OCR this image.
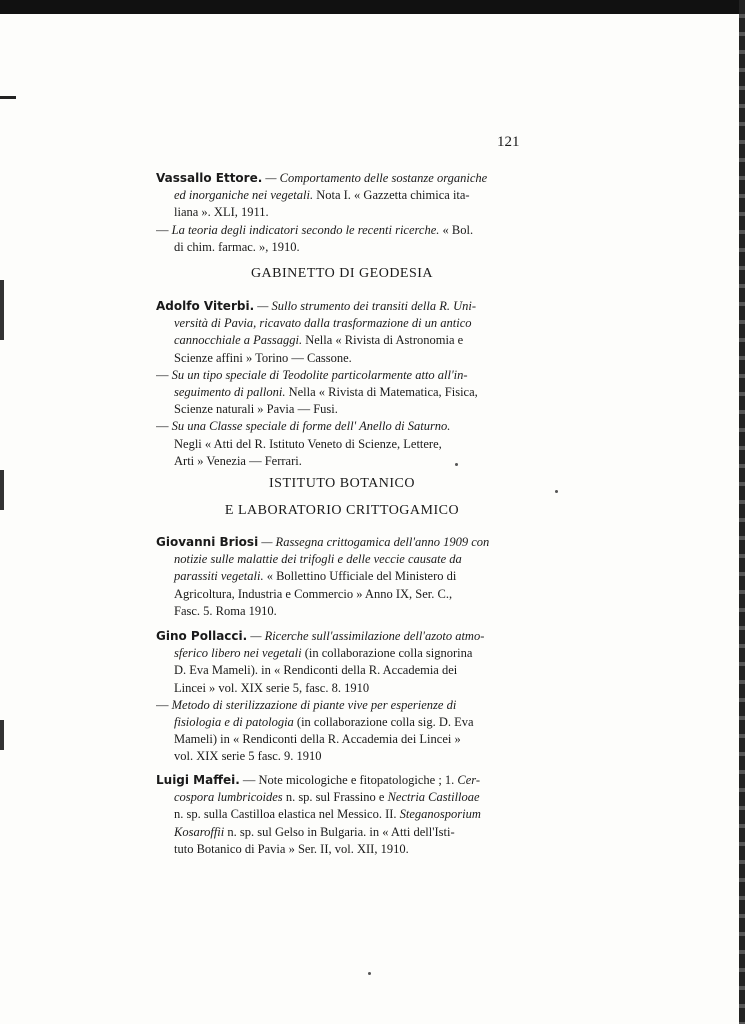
121
Vassallo Ettore. — Comportamento delle sostanze organiche
ed inorganiche nei vegetali. Nota I. « Gazzetta chimica ita-
liana ». XLI, 1911.
— La teoria degli indicatori secondo le recenti ricerche. « Bol.
di chim. farmac. », 1910.
GABINETTO DI GEODESIA
Adolfo Viterbi. — Sullo strumento dei transiti della R. Uni-
versità di Pavia, ricavato dalla trasformazione di un antico
cannocchiale a Passaggi. Nella « Rivista di Astronomia e
Scienze affini » Torino — Cassone.
— Su un tipo speciale di Teodolite particolarmente atto all'in-
seguimento di palloni. Nella « Rivista di Matematica, Fisica,
Scienze naturali » Pavia — Fusi.
— Su una Classe speciale di forme dell' Anello di Saturno.
Negli « Atti del R. Istituto Veneto di Scienze, Lettere,
Arti » Venezia — Ferrari.
ISTITUTO BOTANICO
E LABORATORIO CRITTOGAMICO
Giovanni Briosi — Rassegna crittogamica dell'anno 1909 con
notizie sulle malattie dei trifogli e delle veccie causate da
parassiti vegetali. « Bollettino Ufficiale del Ministero di
Agricoltura, Industria e Commercio » Anno IX, Ser. C.,
Fasc. 5. Roma 1910.
Gino Pollacci. — Ricerche sull'assimilazione dell'azoto atmo-
sferico libero nei vegetali (in collaborazione colla signorina
D. Eva Mameli). in « Rendiconti della R. Accademia dei
Lincei » vol. XIX serie 5, fasc. 8. 1910
— Metodo di sterilizzazione di piante vive per esperienze di
fisiologia e di patologia (in collaborazione colla sig. D. Eva
Mameli) in « Rendiconti della R. Accademia dei Lincei »
vol. XIX serie 5 fasc. 9. 1910
Luigi Maffei. — Note micologiche e fitopatologiche ; 1. Cer-
cospora lumbricoides n. sp. sul Frassino e Nectria Castilloae
n. sp. sulla Castilloa elastica nel Messico. II. Steganosporium
Kosaroffii n. sp. sul Gelso in Bulgaria. in « Atti dell'Isti-
tuto Botanico di Pavia » Ser. II, vol. XII, 1910.
